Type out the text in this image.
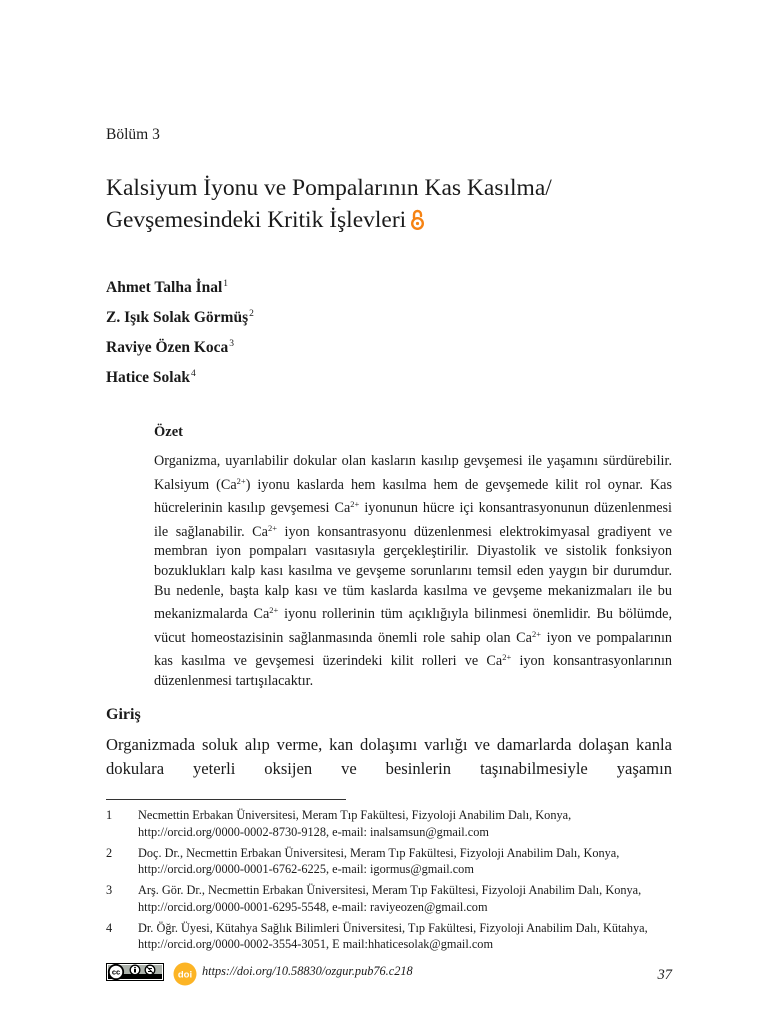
Bölüm 3
Kalsiyum İyonu ve Pompalarının Kas Kasılma/
Gevşemesindeki Kritik İşlevleri
Ahmet Talha İnal$^1$
Z. Işık Solak Görmüş$^2$
Raviye Özen Koca$^3$
Hatice Solak$^4$
Özet

Organizma, uyarılabilir dokular olan kasların kasılıp gevşemesi ile yaşamını sürdürebilir. Kalsiyum $(Ca^{2+})$ iyonu kaslarda hem kasılma hem de gevşemede kilit rol oynar. Kas hücrelerinin kasılıp gevşemesi $Ca^{2+}$ iyonunun hücre içi konsantrasyonunun düzenlenmesi ile sağlanabilir. $Ca^{2+}$ iyon konsantrasyonu düzenlenmesi elektrokimyasal gradiyent ve membran iyon pompaları vasıtasıyla gerçekleştirilir. Diyastolik ve sistolik fonksiyon bozuklukları kalp kası kasılma ve gevşeme sorunlarını temsil eden yaygın bir durumdur. Bu nedenle, başta kalp kası ve tüm kaslarda kasılma ve gevşeme mekanizmaları ile bu mekanizmalarda $Ca^{2+}$ iyonu rollerinin tüm açıklığıyla bilinmesi önemlidir. Bu bölümde, vücut homeostazisinin sağlanmasında önemli role sahip olan $Ca^{2+}$ iyon ve pompalarının kas kasılma ve gevşemesi üzerindeki kilit rolleri ve $Ca^{2+}$ iyon konsantrasyonlarının düzenlenmesi tartışılacaktır.

Giriş

Organizmada soluk alıp verme, kan dolaşımı varlığı ve damarlarda dolaşan kanla dokulara yeterli oksijen ve besinlerin taşınabilmesiyle yaşamın

1	Necmettin Erbakan Üniversitesi, Meram Tıp Fakültesi, Fizyoloji Anabilim Dalı, Konya, http://orcid.org/0000-0002-8730-9128, e-mail: inalsamsun@gmail.com
2	Doç. Dr., Necmettin Erbakan Üniversitesi, Meram Tıp Fakültesi, Fizyoloji Anabilim Dalı, Konya, http://orcid.org/0000-0001-6762-6225, e-mail: igormus@gmail.com
3	Arş. Gör. Dr., Necmettin Erbakan Üniversitesi, Meram Tıp Fakültesi, Fizyoloji Anabilim Dalı, Konya, http://orcid.org/0000-0001-6295-5548, e-mail: raviyeozen@gmail.com
4	Dr. Öğr. Üyesi, Kütahya Sağlık Bilimleri Üniversitesi, Tıp Fakültesi, Fizyoloji Anabilim Dalı, Kütahya, http://orcid.org/0000-0002-3554-3051, E mail:hhaticesolak@gmail.com
cc	doi https://doi.org/10.58830/ozgur.pub76.c218	37
